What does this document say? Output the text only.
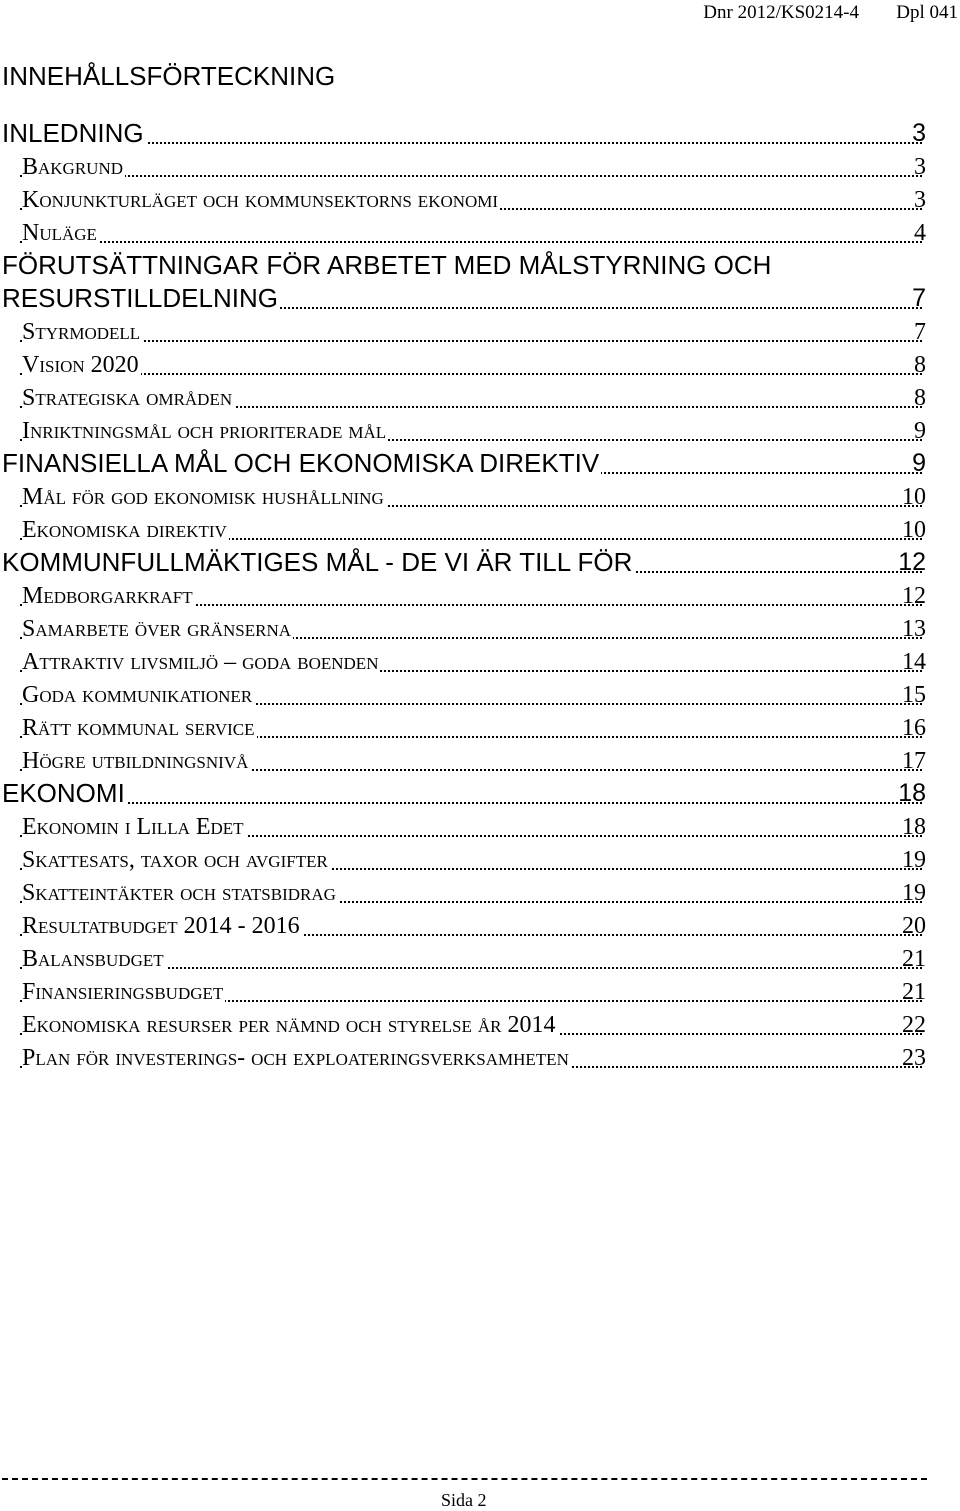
Dnr 2012/KS0214-4 Dpl 041
INNEHÅLLSFÖRTECKNING
INLEDNING	3
Bakgrund	3
Konjunkturläget och kommunsektorns ekonomi	3
Nuläge	4
FÖRUTSÄTTNINGAR FÖR ARBETET MED MÅLSTYRNING OCH
RESURSTILLDELNING	7
Styrmodell	7
Vision 2020	8
Strategiska områden	8
Inriktningsmål och prioriterade mål	9
FINANSIELLA MÅL OCH EKONOMISKA DIREKTIV	9
Mål för god ekonomisk hushållning	10
Ekonomiska direktiv	10
KOMMUNFULLMÄKTIGES MÅL - DE VI ÄR TILL FÖR	12
Medborgarkraft	12
Samarbete över gränserna	13
Attraktiv livsmiljö – goda boenden	14
Goda kommunikationer	15
Rätt kommunal service	16
Högre utbildningsnivå	17
EKONOMI	18
Ekonomin i Lilla Edet	18
Skattesats, taxor och avgifter	19
Skatteintäkter och statsbidrag	19
Resultatbudget 2014 - 2016	20
Balansbudget	21
Finansieringsbudget	21
Ekonomiska resurser per nämnd och styrelse år 2014	22
Plan för investerings- och exploateringsverksamheten	23
Sida 2
